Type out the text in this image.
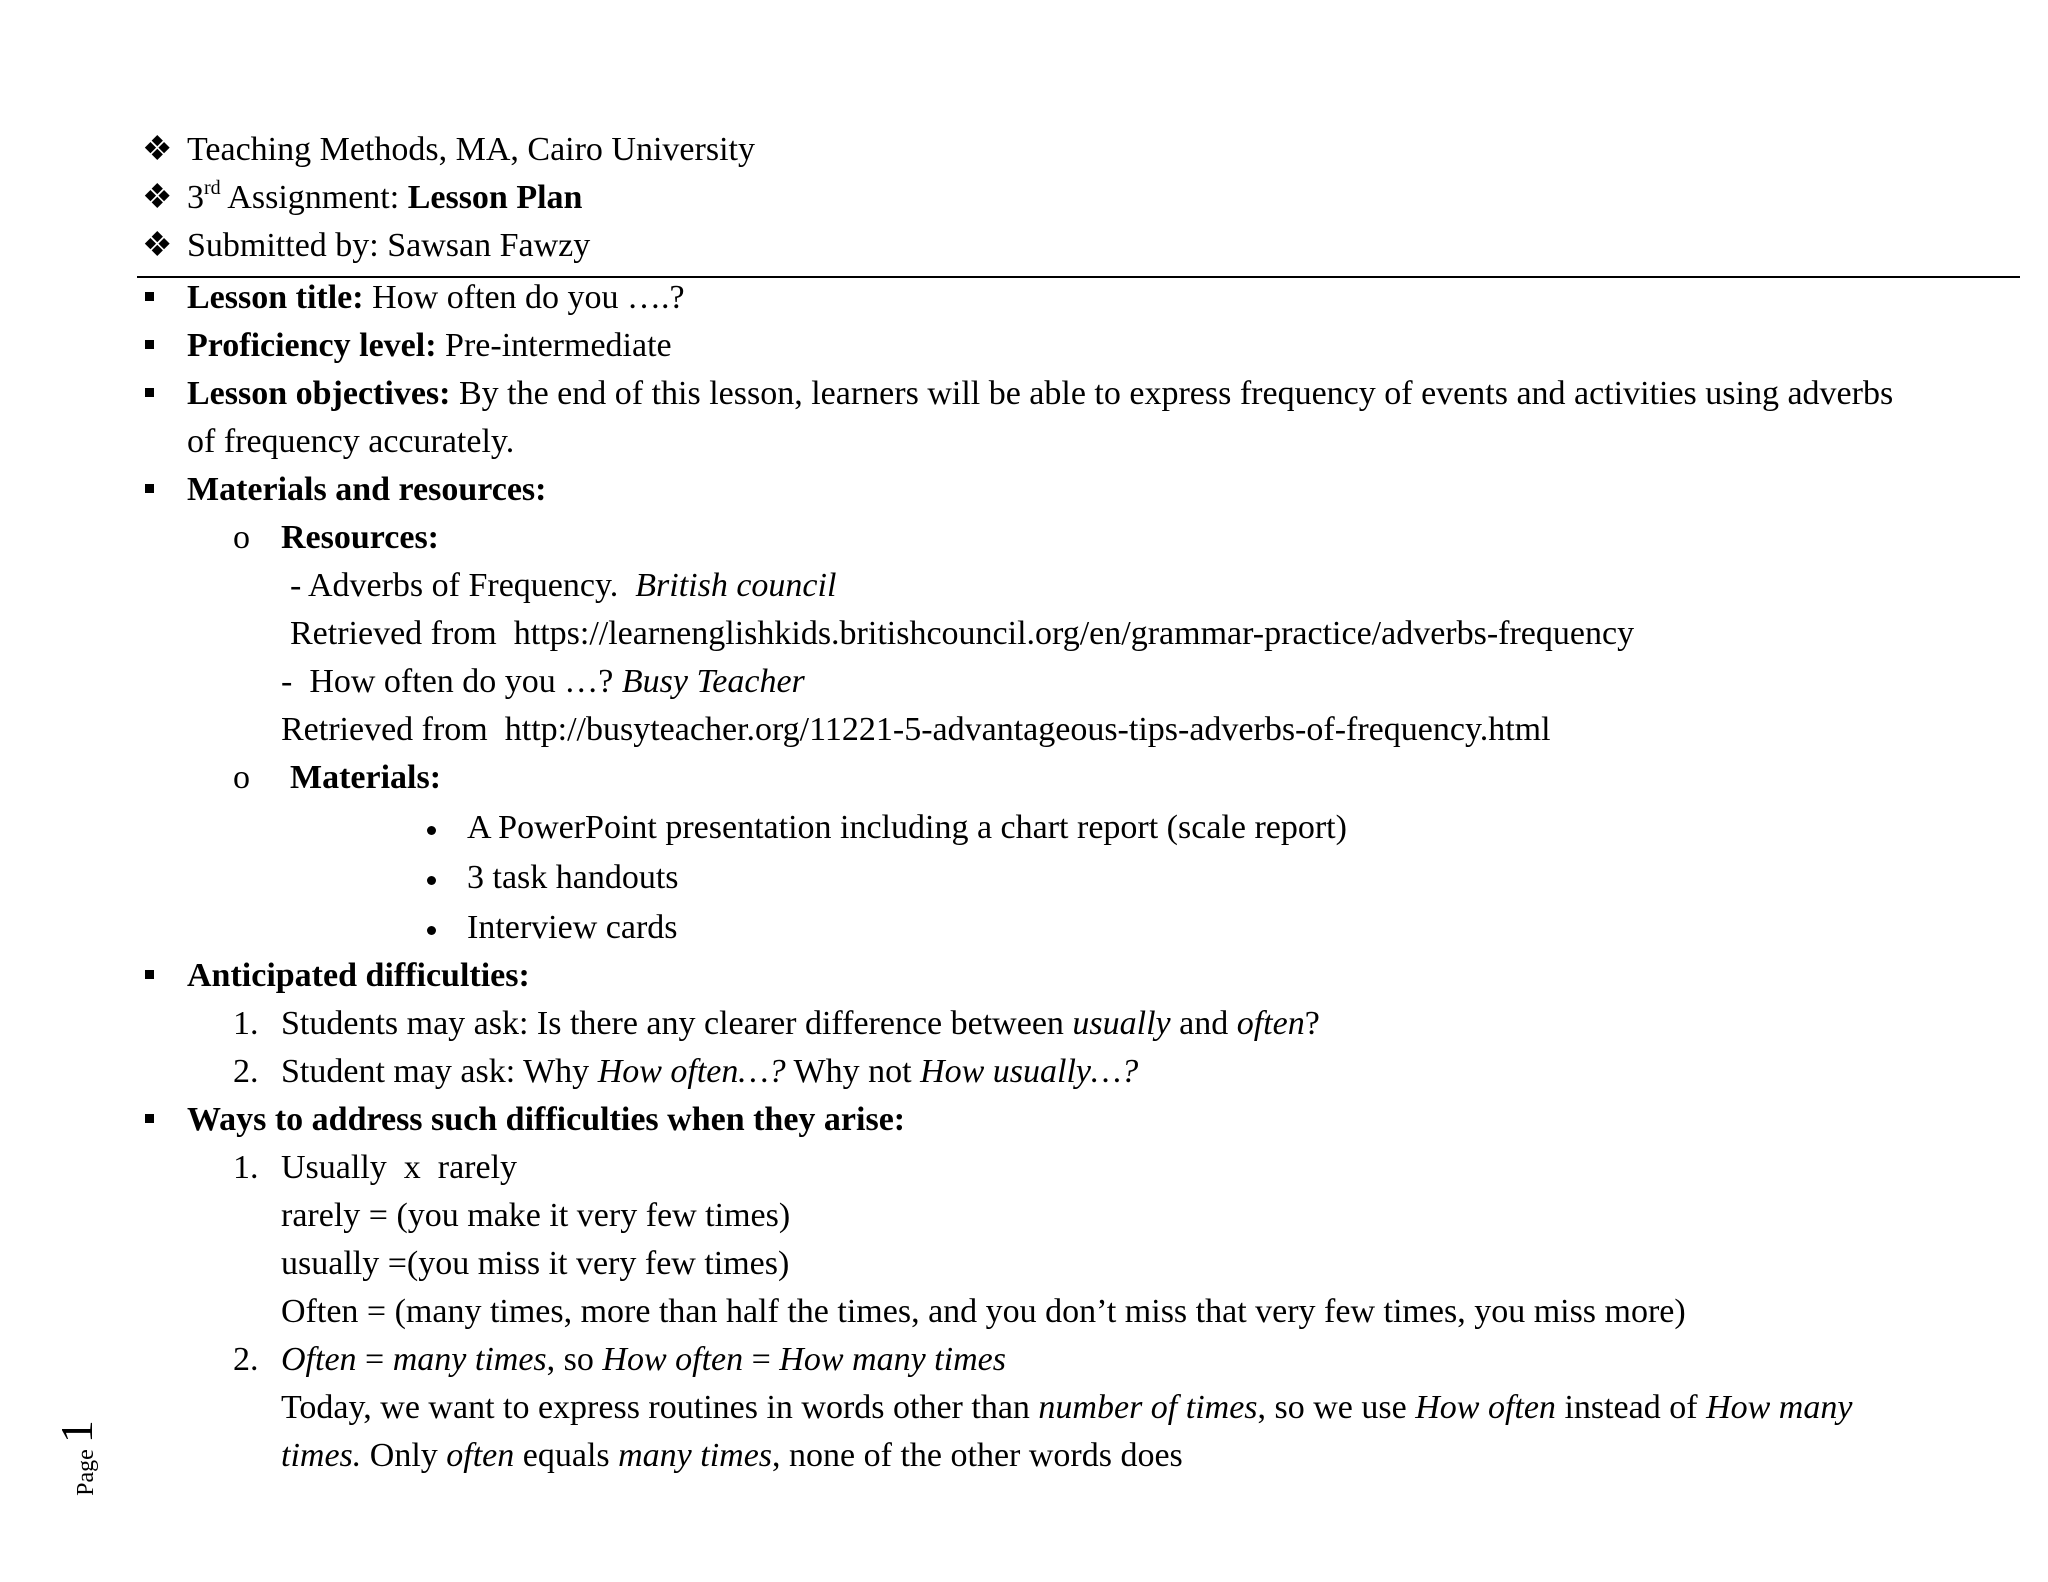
❖ Teaching Methods, MA, Cairo University
❖ 3rd Assignment: Lesson Plan
❖ Submitted by: Sawsan Fawzy
Lesson title: How often do you ….?
Proficiency level: Pre-intermediate
Lesson objectives: By the end of this lesson, learners will be able to express frequency of events and activities using adverbs
of frequency accurately.
Materials and resources:
o Resources:
- Adverbs of Frequency.  British council
Retrieved from  https://learnenglishkids.britishcouncil.org/en/grammar-practice/adverbs-frequency
-  How often do you …? Busy Teacher
Retrieved from  http://busyteacher.org/11221-5-advantageous-tips-adverbs-of-frequency.html
o Materials:
A PowerPoint presentation including a chart report (scale report)
3 task handouts
Interview cards
Anticipated difficulties:
1. Students may ask: Is there any clearer difference between usually and often?
2. Student may ask: Why How often…? Why not How usually…?
Ways to address such difficulties when they arise:
1. Usually  x  rarely
rarely = (you make it very few times)
usually =(you miss it very few times)
Often = (many times, more than half the times, and you don’t miss that very few times, you miss more)
2. Often = many times, so How often = How many times
Today, we want to express routines in words other than number of times, so we use How often instead of How many
times. Only often equals many times, none of the other words does
Page
1
